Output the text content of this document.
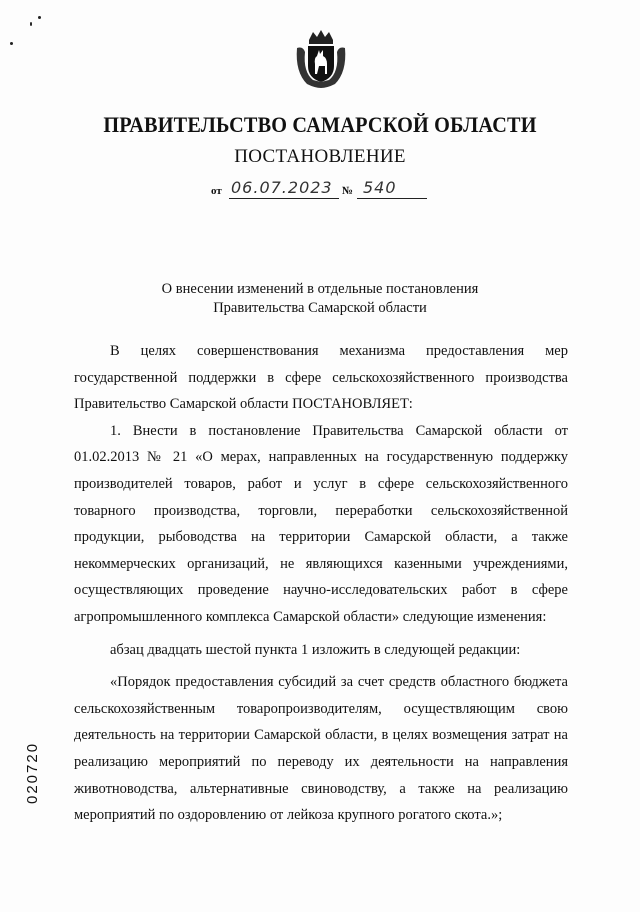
ПРАВИТЕЛЬСТВО САМАРСКОЙ ОБЛАСТИ
ПОСТАНОВЛЕНИЕ
от 06.07.2023 № 540
О внесении изменений в отдельные постановления
Правительства Самарской области

В целях совершенствования механизма предоставления мер государственной поддержки в сфере сельскохозяйственного производства Правительство Самарской области ПОСТАНОВЛЯЕТ:

1. Внести в постановление Правительства Самарской области от 01.02.2013 № 21 «О мерах, направленных на государственную поддержку производителей товаров, работ и услуг в сфере сельскохозяйственного товарного производства, торговли, переработки сельскохозяйственной продукции, рыбоводства на территории Самарской области, а также некоммерческих организаций, не являющихся казенными учреждениями, осуществляющих проведение научно-исследовательских работ в сфере агропромышленного комплекса Самарской области» следующие изменения:

абзац двадцать шестой пункта 1 изложить в следующей редакции:

«Порядок предоставления субсидий за счет средств областного бюджета сельскохозяйственным товаропроизводителям, осуществляющим свою деятельность на территории Самарской области, в целях возмещения затрат на реализацию мероприятий по переводу их деятельности на направления животноводства, альтернативные свиноводству, а также на реализацию мероприятий по оздоровлению от лейкоза крупного рогатого скота.»;

020720
